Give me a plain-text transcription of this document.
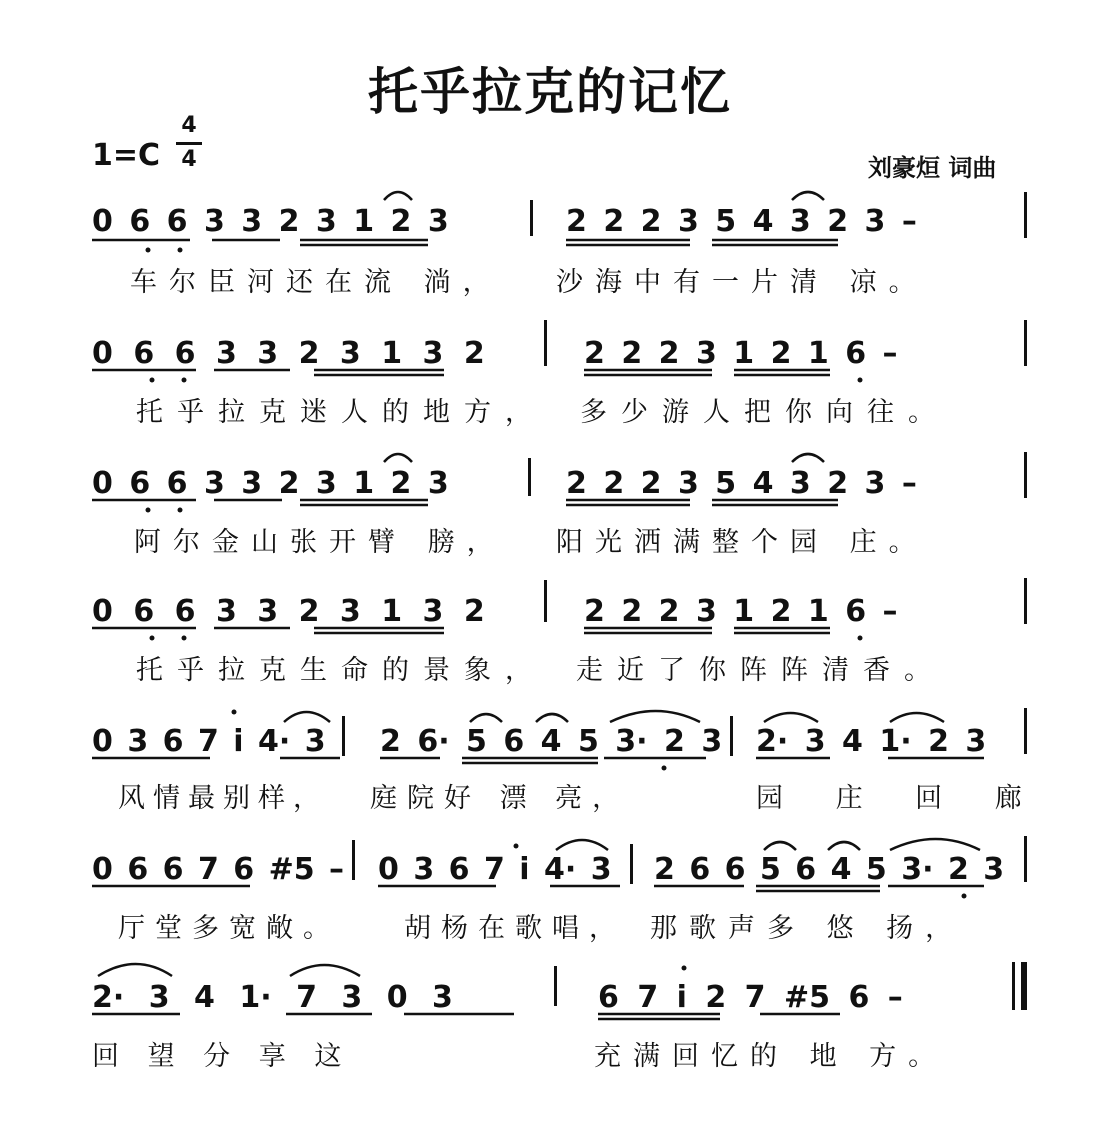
托乎拉克的记忆
1=C
4
4	刘豪烜 词曲
0 6 6 3 3 2 3 1 2 3	2 2 2 3 5 4 3 2 3 –
车尔臣河还在流 淌， 沙海中有一片清 凉。
0 6 6 3 3 2 3 1 3 2	2 2 2 3 1 2 1 6 –
托乎拉克迷人的地方， 多少游人把你向往。
0 6 6 3 3 2 3 1 2 3	2 2 2 3 5 4 3 2 3 –
阿尔金山张开臂 膀， 阳光洒满整个园 庄。
0 6 6 3 3 2 3 1 3 2	2 2 2 3 1 2 1 6 –
托乎拉克生命的景象， 走近了你阵阵清香。
0 3 6 7 i 4· 3 2 6· 5 6 4 5 3· 2 3 2· 3 4 1· 2 3
风情最别样， 庭院好 漂 亮，	园 庄 回 廊
0 6 6 7 6 #5 – 0 3 6 7 i 4· 3 2 6 6 5 6 4 5 3· 2 3
厅堂多宽敞。 胡杨在歌唱， 那歌声多 悠 扬，
2· 3 4 1· 7 3 0 3	6 7 i 2 7 #5 6 –
回 望 分 享 这	充满回忆的 地 方。
